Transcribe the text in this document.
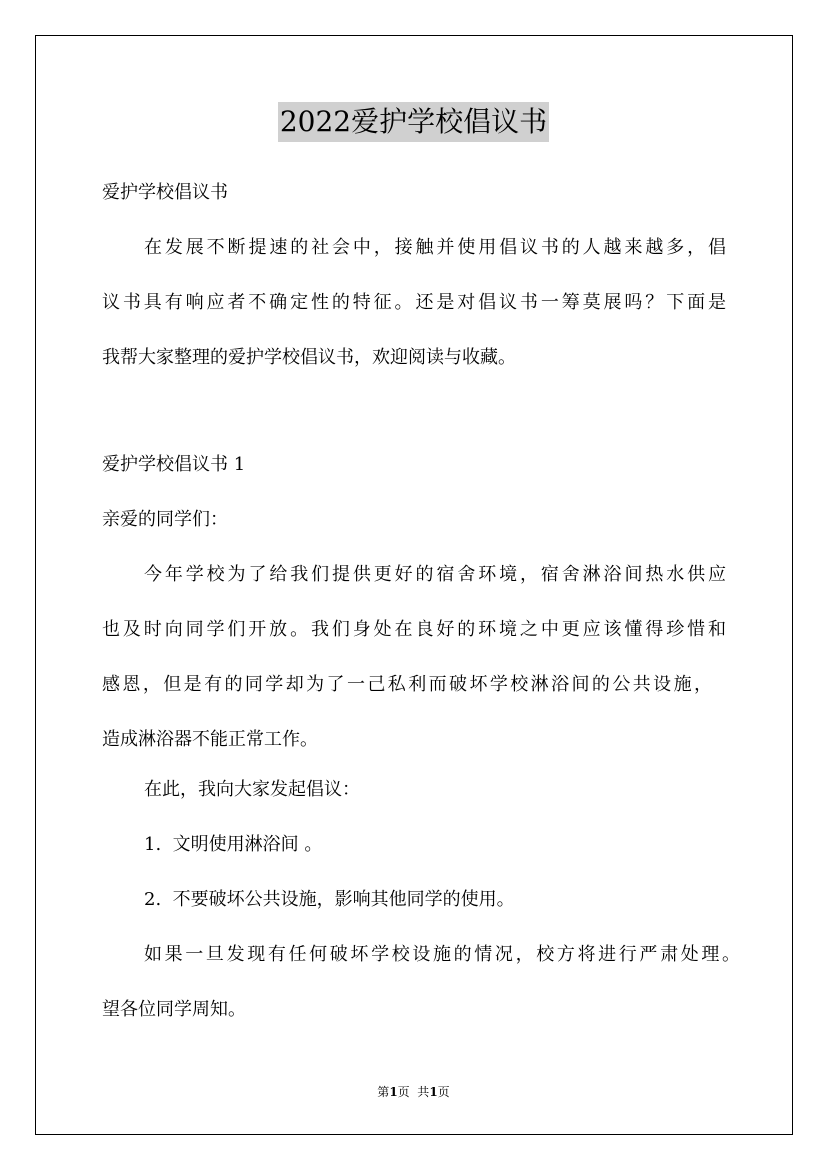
2022爱护学校倡议书
爱护学校倡议书
在发展不断提速的社会中，接触并使用倡议书的人越来越多，倡
议书具有响应者不确定性的特征。还是对倡议书一筹莫展吗？下面是
我帮大家整理的爱护学校倡议书，欢迎阅读与收藏。
爱护学校倡议书 1
亲爱的同学们：
今年学校为了给我们提供更好的宿舍环境，宿舍淋浴间热水供应
也及时向同学们开放。我们身处在良好的环境之中更应该懂得珍惜和
感恩，但是有的同学却为了一己私利而破坏学校淋浴间的公共设施，
造成淋浴器不能正常工作。
在此，我向大家发起倡议：
1.  文明使用淋浴间 。
2.  不要破坏公共设施，影响其他同学的使用。
如果一旦发现有任何破坏学校设施的情况，校方将进行严肃处理。
望各位同学周知。
第1页  共1页
